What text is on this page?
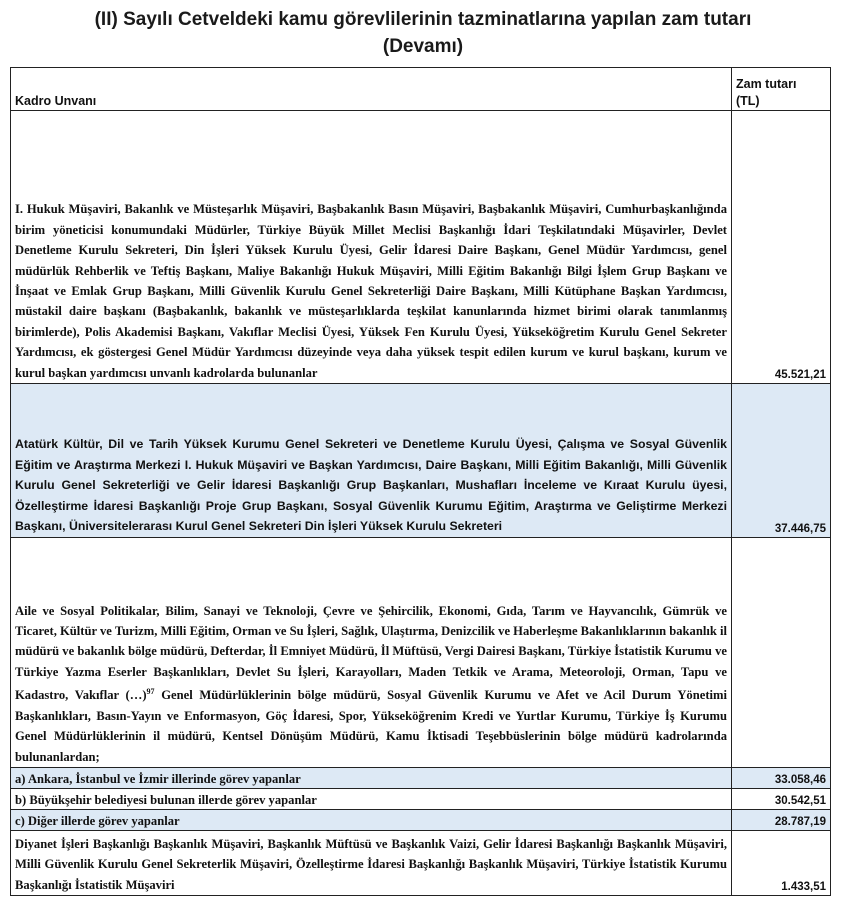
(II) Sayılı Cetveldeki kamu görevlilerinin tazminatlarına yapılan zam tutarı
(Devamı)
Kadro Unvanı	Zam tutarı
(TL)

I. Hukuk Müşaviri, Bakanlık ve Müsteşarlık Müşaviri, Başbakanlık Basın Müşaviri, Başbakanlık Müşaviri, Cumhurbaşkanlığında birim yöneticisi konumundaki Müdürler, Türkiye Büyük Millet Meclisi Başkanlığı İdari Teşkilatındaki Müşavirler, Devlet Denetleme Kurulu Sekreteri, Din İşleri Yüksek Kurulu Üyesi, Gelir İdaresi Daire Başkanı, Genel Müdür Yardımcısı, genel müdürlük Rehberlik ve Teftiş Başkanı, Maliye Bakanlığı Hukuk Müşaviri, Milli Eğitim Bakanlığı Bilgi İşlem Grup Başkanı ve İnşaat ve Emlak Grup Başkanı, Milli Güvenlik Kurulu Genel Sekreterliği Daire Başkanı, Milli Kütüphane Başkan Yardımcısı, müstakil daire başkanı (Başbakanlık, bakanlık ve müsteşarlıklarda teşkilat kanunlarında hizmet birimi olarak tanımlanmış birimlerde), Polis Akademisi Başkanı, Vakıflar Meclisi Üyesi, Yüksek Fen Kurulu Üyesi, Yükseköğretim Kurulu Genel Sekreter Yardımcısı, ek göstergesi Genel Müdür Yardımcısı düzeyinde veya daha yüksek tespit edilen kurum ve kurul başkanı, kurum ve kurul başkan yardımcısı unvanlı kadrolarda bulunanlar	45.521,21
Atatürk Kültür, Dil ve Tarih Yüksek Kurumu Genel Sekreteri ve Denetleme Kurulu Üyesi, Çalışma ve Sosyal Güvenlik Eğitim ve Araştırma Merkezi I. Hukuk Müşaviri ve Başkan Yardımcısı, Daire Başkanı, Milli Eğitim Bakanlığı, Milli Güvenlik Kurulu Genel Sekreterliği ve Gelir İdaresi Başkanlığı Grup Başkanları, Mushafları İnceleme ve Kıraat Kurulu üyesi, Özelleştirme İdaresi Başkanlığı Proje Grup Başkanı, Sosyal Güvenlik Kurumu Eğitim, Araştırma ve Geliştirme Merkezi Başkanı, Üniversitelerarası Kurul Genel Sekreteri Din İşleri Yüksek Kurulu Sekreteri	37.446,75
Aile ve Sosyal Politikalar, Bilim, Sanayi ve Teknoloji, Çevre ve Şehircilik, Ekonomi, Gıda, Tarım ve Hayvancılık, Gümrük ve Ticaret, Kültür ve Turizm, Milli Eğitim, Orman ve Su İşleri, Sağlık, Ulaştırma, Denizcilik ve Haberleşme Bakanlıklarının bakanlık il müdürü ve bakanlık bölge müdürü, Defterdar, İl Emniyet Müdürü, İl Müftüsü, Vergi Dairesi Başkanı, Türkiye İstatistik Kurumu ve Türkiye Yazma Eserler Başkanlıkları, Devlet Su İşleri, Karayolları, Maden Tetkik ve Arama, Meteoroloji, Orman, Tapu ve Kadastro, Vakıflar (…)$^{97}$ Genel Müdürlüklerinin bölge müdürü, Sosyal Güvenlik Kurumu ve Afet ve Acil Durum Yönetimi Başkanlıkları, Basın-Yayın ve Enformasyon, Göç İdaresi, Spor, Yükseköğrenim Kredi ve Yurtlar Kurumu, Türkiye İş Kurumu Genel Müdürlüklerinin il müdürü, Kentsel Dönüşüm Müdürü, Kamu İktisadi Teşebbüslerinin bölge müdürü kadrolarında bulunanlardan;	
a) Ankara, İstanbul ve İzmir illerinde görev yapanlar	33.058,46
b) Büyükşehir belediyesi bulunan illerde görev yapanlar	30.542,51
c) Diğer illerde görev yapanlar	28.787,19
Diyanet İşleri Başkanlığı Başkanlık Müşaviri, Başkanlık Müftüsü ve Başkanlık Vaizi, Gelir İdaresi Başkanlığı Başkanlık Müşaviri, Milli Güvenlik Kurulu Genel Sekreterlik Müşaviri, Özelleştirme İdaresi Başkanlığı Başkanlık Müşaviri, Türkiye İstatistik Kurumu Başkanlığı İstatistik Müşaviri	1.433,51
